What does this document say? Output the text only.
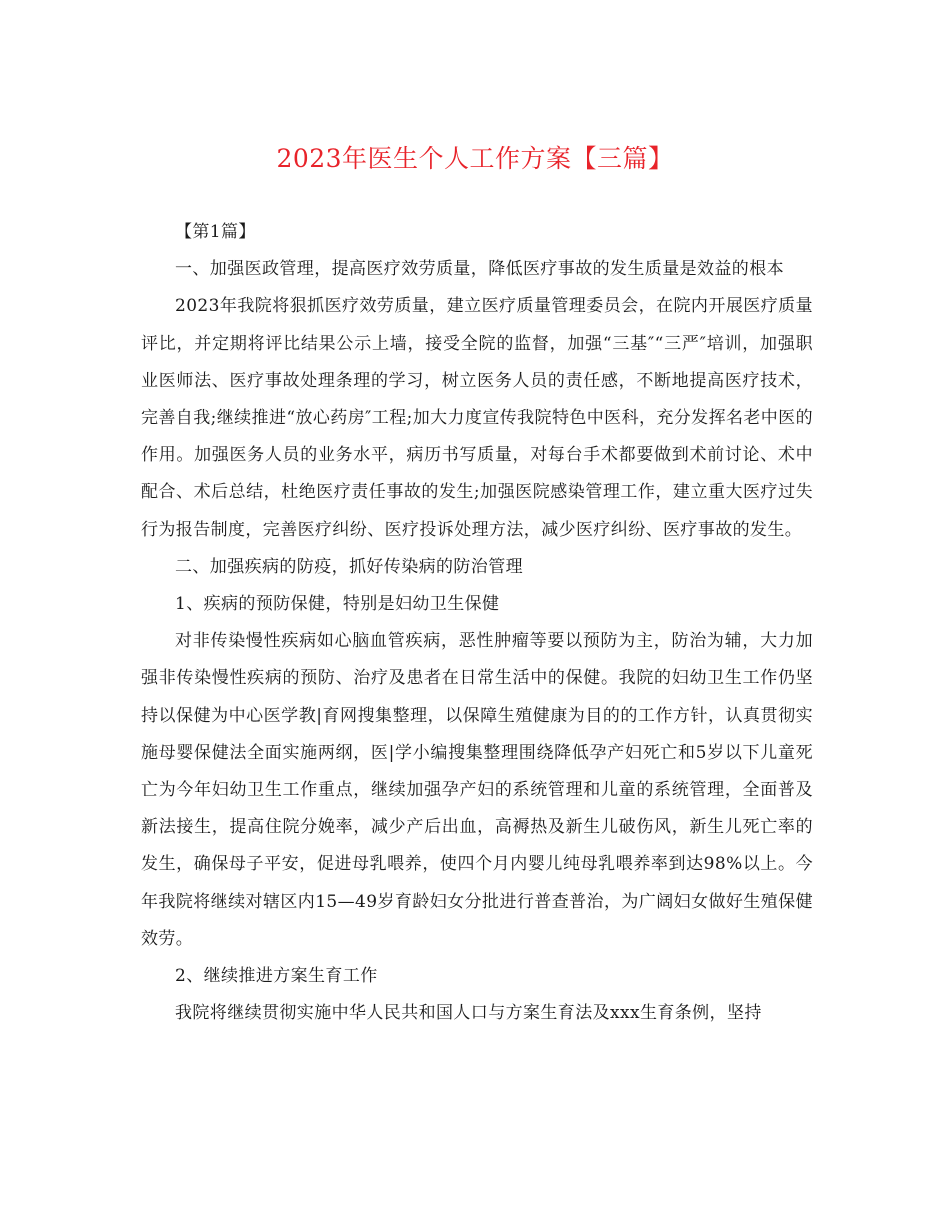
2023年医生个人工作方案【三篇】

【第1篇】

一、加强医政管理，提高医疗效劳质量，降低医疗事故的发生质量是效益的根本

2023年我院将狠抓医疗效劳质量，建立医疗质量管理委员会，在院内开展医疗质量评比，并定期将评比结果公示上墙，接受全院的监督，加强“三基″“三严″培训，加强职业医师法、医疗事故处理条理的学习，树立医务人员的责任感，不断地提高医疗技术，完善自我;继续推进“放心药房″工程;加大力度宣传我院特色中医科，充分发挥名老中医的作用。加强医务人员的业务水平，病历书写质量，对每台手术都要做到术前讨论、术中配合、术后总结，杜绝医疗责任事故的发生;加强医院感染管理工作，建立重大医疗过失行为报告制度，完善医疗纠纷、医疗投诉处理方法，减少医疗纠纷、医疗事故的发生。

二、加强疾病的防疫，抓好传染病的防治管理

1、疾病的预防保健，特别是妇幼卫生保健

对非传染慢性疾病如心脑血管疾病，恶性肿瘤等要以预防为主，防治为辅，大力加强非传染慢性疾病的预防、治疗及患者在日常生活中的保健。我院的妇幼卫生工作仍坚持以保健为中心医学教|育网搜集整理，以保障生殖健康为目的的工作方针，认真贯彻实施母婴保健法全面实施两纲，医|学小编搜集整理围绕降低孕产妇死亡和5岁以下儿童死亡为今年妇幼卫生工作重点，继续加强孕产妇的系统管理和儿童的系统管理，全面普及新法接生，提高住院分娩率，减少产后出血，高褥热及新生儿破伤风，新生儿死亡率的发生，确保母子平安，促进母乳喂养，使四个月内婴儿纯母乳喂养率到达98%以上。今年我院将继续对辖区内15—49岁育龄妇女分批进行普查普治，为广阔妇女做好生殖保健效劳。

2、继续推进方案生育工作

我院将继续贯彻实施中华人民共和国人口与方案生育法及xxx生育条例，坚持
